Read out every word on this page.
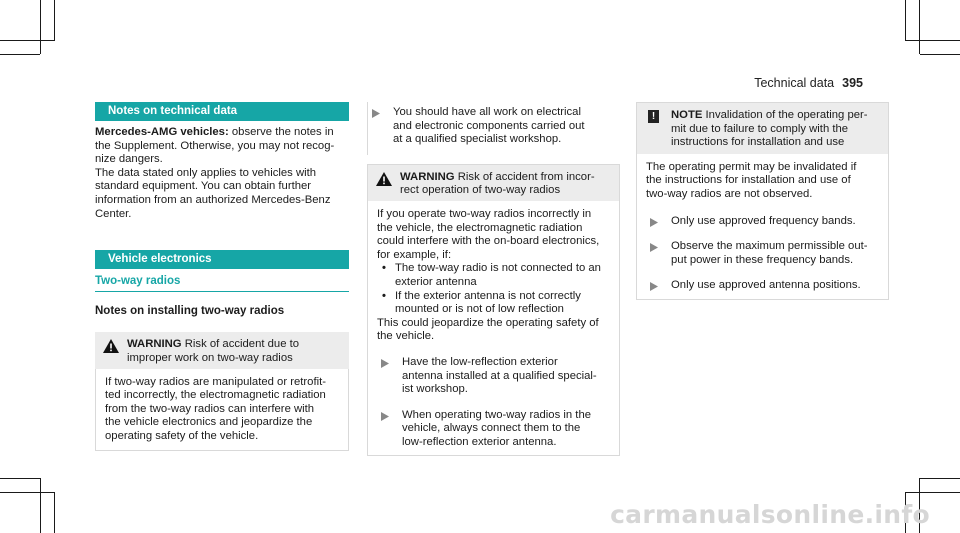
Technical data 395
Notes on technical data

Mercedes-AMG vehicles: observe the notes in
the Supplement. Otherwise, you may not recog-
nize dangers.

The data stated only applies to vehicles with
standard equipment. You can obtain further
information from an authorized Mercedes-Benz
Center.

Vehicle electronics
Two-way radios
Notes on installing two-way radios
WARNING Risk of accident due to
improper work on two-way radios
If two-way radios are manipulated or retrofit-
ted incorrectly, the electromagnetic radiation
from the two-way radios can interfere with
the vehicle electronics and jeopardize the
operating safety of the vehicle.
You should have all work on electrical
and electronic components carried out
at a qualified specialist workshop.
WARNING Risk of accident from incor-
rect operation of two-way radios
If you operate two-way radios incorrectly in
the vehicle, the electromagnetic radiation
could interfere with the on-board electronics,
for example, if:
• The tow-way radio is not connected to an
exterior antenna
• If the exterior antenna is not correctly
mounted or is not of low reflection
This could jeopardize the operating safety of
the vehicle.
Have the low-reflection exterior
antenna installed at a qualified special-
ist workshop.
When operating two-way radios in the
vehicle, always connect them to the
low-reflection exterior antenna.
!	NOTE Invalidation of the operating per-
mit due to failure to comply with the
instructions for installation and use
The operating permit may be invalidated if
the instructions for installation and use of
two-way radios are not observed.
Only use approved frequency bands.
Observe the maximum permissible out-
put power in these frequency bands.
Only use approved antenna positions.
carmanualsonline.info
